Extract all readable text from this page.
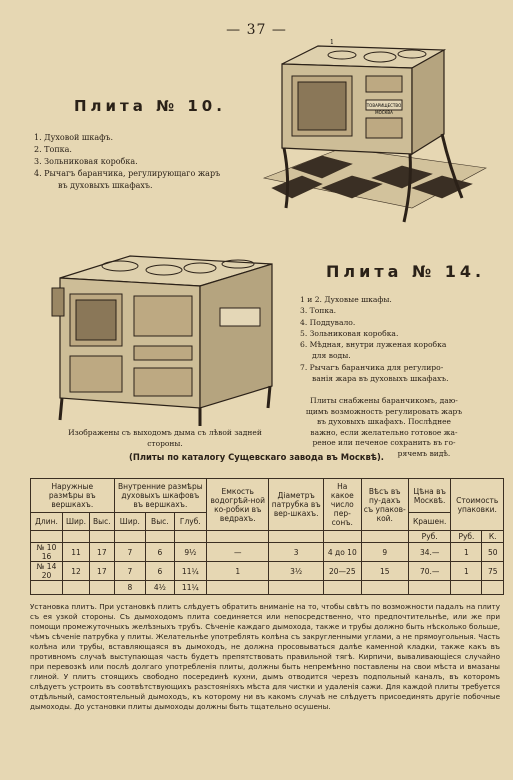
— 37 —
ТОВАРИЩЕСТВО
МОСКВА
1
Плита № 10.
1. Духовой шкафъ.
2. Топка.
3. Зольниковая коробка.
4. Рычагъ баранчика, регулирующаго жаръ
въ духовыхъ шкафахъ.
Плита № 14.
1 и 2. Духовые шкафы.
3. Топка.
4. Поддувало.
5. Зольниковая коробка.
6. Мѣдная, внутри луженая коробка
для воды.
7. Рычагъ баранчика для регулиро-
ванія жара въ духовыхъ шкафахъ.
Плиты снабжены баранчикомъ, даю-
щимъ возможность регулировать жаръ
въ духовыхъ шкафахъ. Послѣднее
важно, если желательно готовое жа-
реное или печеное сохранить въ го-
рячемъ видѣ.
Изображены съ выходомъ дыма съ лѣвой задней
стороны.
(Плиты по каталогу Сущевскаго завода въ Москвѣ).
Наружные размѣры въ вершкахъ.			Внутренние размѣры духовыхъ шкафовъ въ вершкахъ.			Емкость водогрѣй-ной ко-робки въ ведрахъ.	Діаметръ патрубка въ вер-шкахъ.	На какое число пер-сонъ.	Вѣсъ въ пу-дахъ съ упаков-кой.	Цѣна въ Москвѣ.	Стоимость упаковки.	
Длин.	Шир.	Выс.	Шир.	Выс.	Глуб.					Крашен.		
										Руб.	Руб.	К.
№ 10 16	11	17	7	6	9½	—	3	4 до 10	9	34.—	1	50
№ 14 20	12	17	7	6	11¼	1	3½	20—25	15	70.—	1	75
			8	4½	11¼							
Установка плитъ. При установкѣ плитъ слѣдуетъ обратить вниманіе на то, чтобы свѣтъ по возможности падалъ на плиту съ ея узкой стороны. Съ дымоходомъ плита соединяется или непосредственно, что предпочтительнѣе, или же при помощи промежуточныхъ желѣзныхъ трубъ. Сѣченіе каждаго дымохода, также и трубы должно быть нѣсколько больше, чѣмъ сѣченіе патрубка у плиты. Желательнѣе употреблять колѣна съ закругленными углами, а не прямоугольныя. Часть колѣна или трубы, вставляющаяся въ дымоходъ, не должна просовываться далѣе каменной кладки, также какъ въ противномъ случаѣ выступающая часть будетъ препятствовать правильной тягѣ. Кирпичи, вываливающіеся случайно при перевозкѣ или послѣ долгаго употребленія плиты, должны быть непремѣнно поставлены на свои мѣста и вмазаны глиной. У плитъ стоящихъ свободно посерединѣ кухни, дымъ отводится черезъ подпольный каналъ, въ которомъ слѣдуетъ устроить въ соотвѣтствующихъ разстояніяхъ мѣста для чистки и удаленія сажи. Для каждой плиты требуется отдѣльный, самостоятельный дымоходъ, къ которому ни въ какомъ случаѣ не слѣдуетъ присоединять другіе побочные дымоходы. До установки плиты дымоходы должны быть тщательно осушены.
